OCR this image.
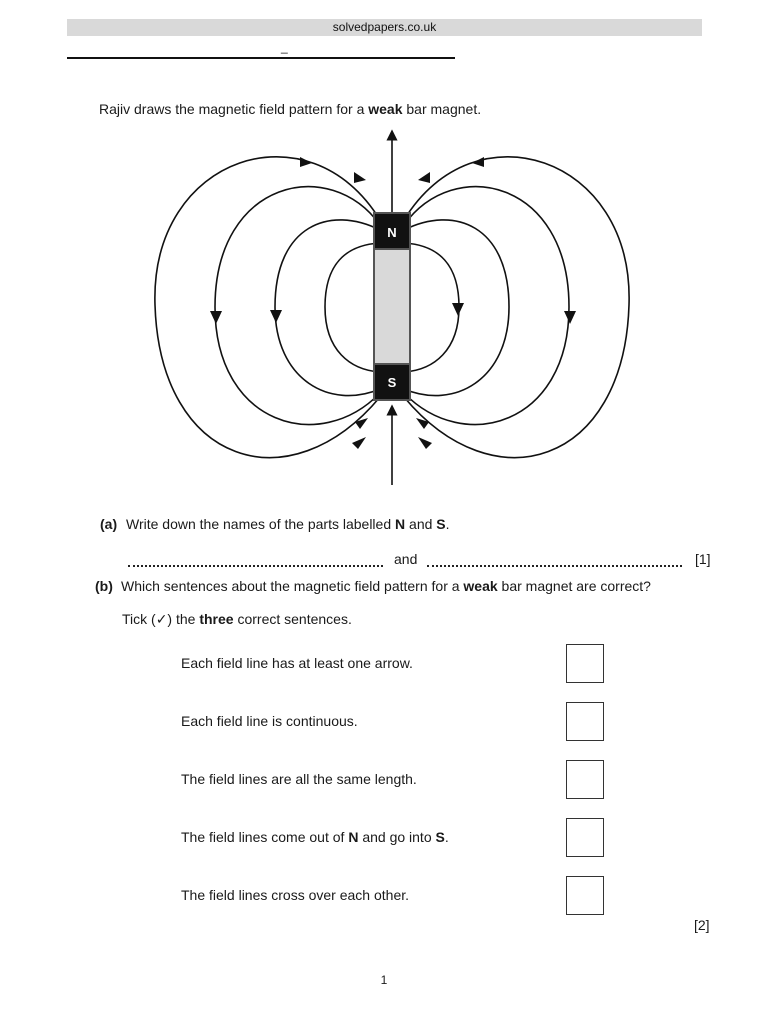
solvedpapers.co.uk
_
Rajiv draws the magnetic field pattern for a weak bar magnet.
N
S
(a) Write down the names of the parts labelled N and S.
and	[1]
(b) Which sentences about the magnetic field pattern for a weak bar magnet are correct?
Tick (✓) the three correct sentences.
Each field line has at least one arrow.
Each field line is continuous.
The field lines are all the same length.
The field lines come out of N and go into S.
The field lines cross over each other.
[2]
1
